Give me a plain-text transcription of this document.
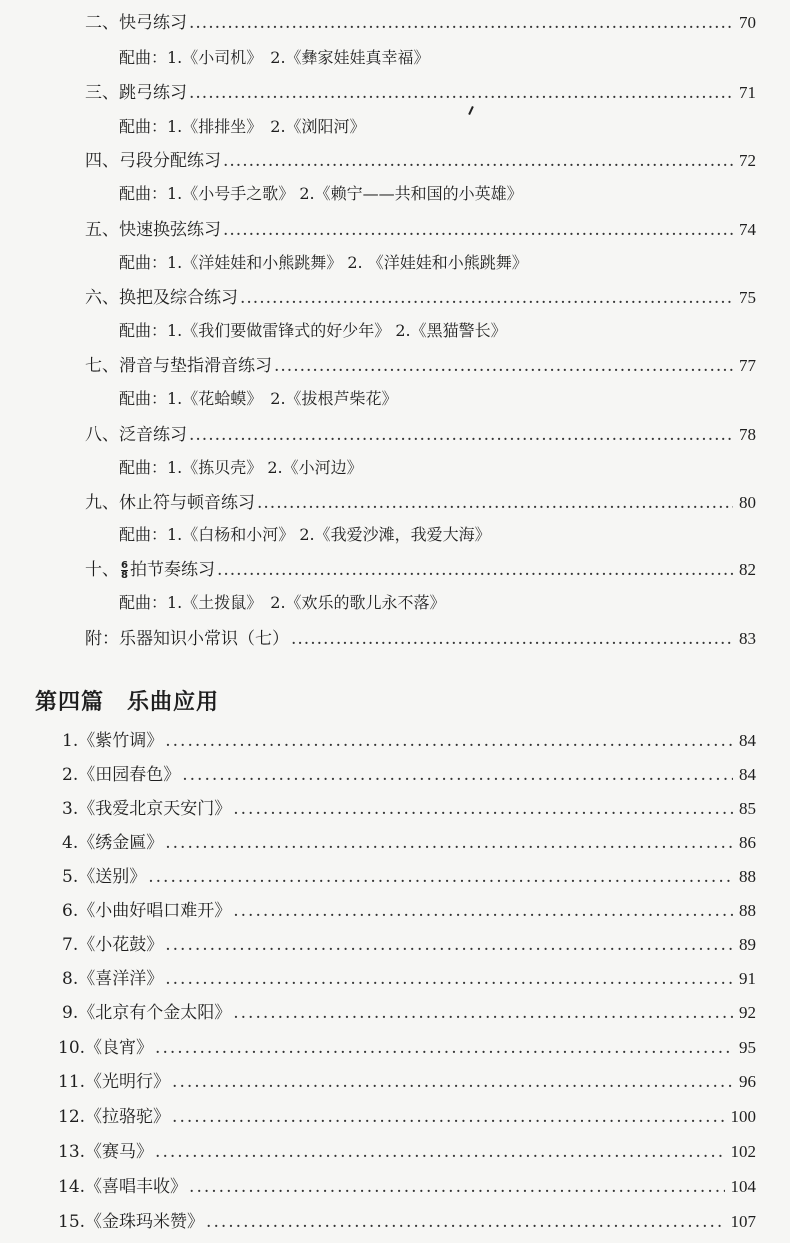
二、快弓练习 .....	70
配曲：1.《小司机》　2.《彝家娃娃真幸福》
三、跳弓练习 .....	71
配曲：1.《排排坐》　2.《浏阳河》
四、弓段分配练习 .....	72
配曲：1.《小号手之歌》 2.《赖宁——共和国的小英雄》
五、快速换弦练习 .....	74
配曲：1.《洋娃娃和小熊跳舞》 2. 《洋娃娃和小熊跳舞》
六、换把及综合练习 .....	75
配曲：1.《我们要做雷锋式的好少年》 2.《黑猫警长》
七、滑音与垫指滑音练习 .....	77
配曲：1.《花蛤蟆》　2.《拔根芦柴花》
八、泛音练习 .....	78
配曲：1.《拣贝壳》 2.《小河边》
九、休止符与顿音练习 .....	80
配曲：1.《白杨和小河》 2.《我爱沙滩，我爱大海》
十、 $\frac{6}{8}$ 拍节奏练习 .....	82
配曲：1.《土拨鼠》　2.《欢乐的歌儿永不落》
附：乐器知识小常识（七） .....	83
第四篇　乐曲应用
1.《紫竹调》 .....	84
2.《田园春色》 .....	84
3.《我爱北京天安门》 .....	85
4.《绣金匾》 .....	86
5.《送别》 .....	88
6.《小曲好唱口难开》 .....	88
7.《小花鼓》 .....	89
8.《喜洋洋》 .....	91
9.《北京有个金太阳》 .....	92
10.《良宵》 .....	95
11.《光明行》 .....	96
12.《拉骆驼》 .....	100
13.《赛马》 .....	102
14.《喜唱丰收》 .....	104
15.《金珠玛米赞》 .....	107
